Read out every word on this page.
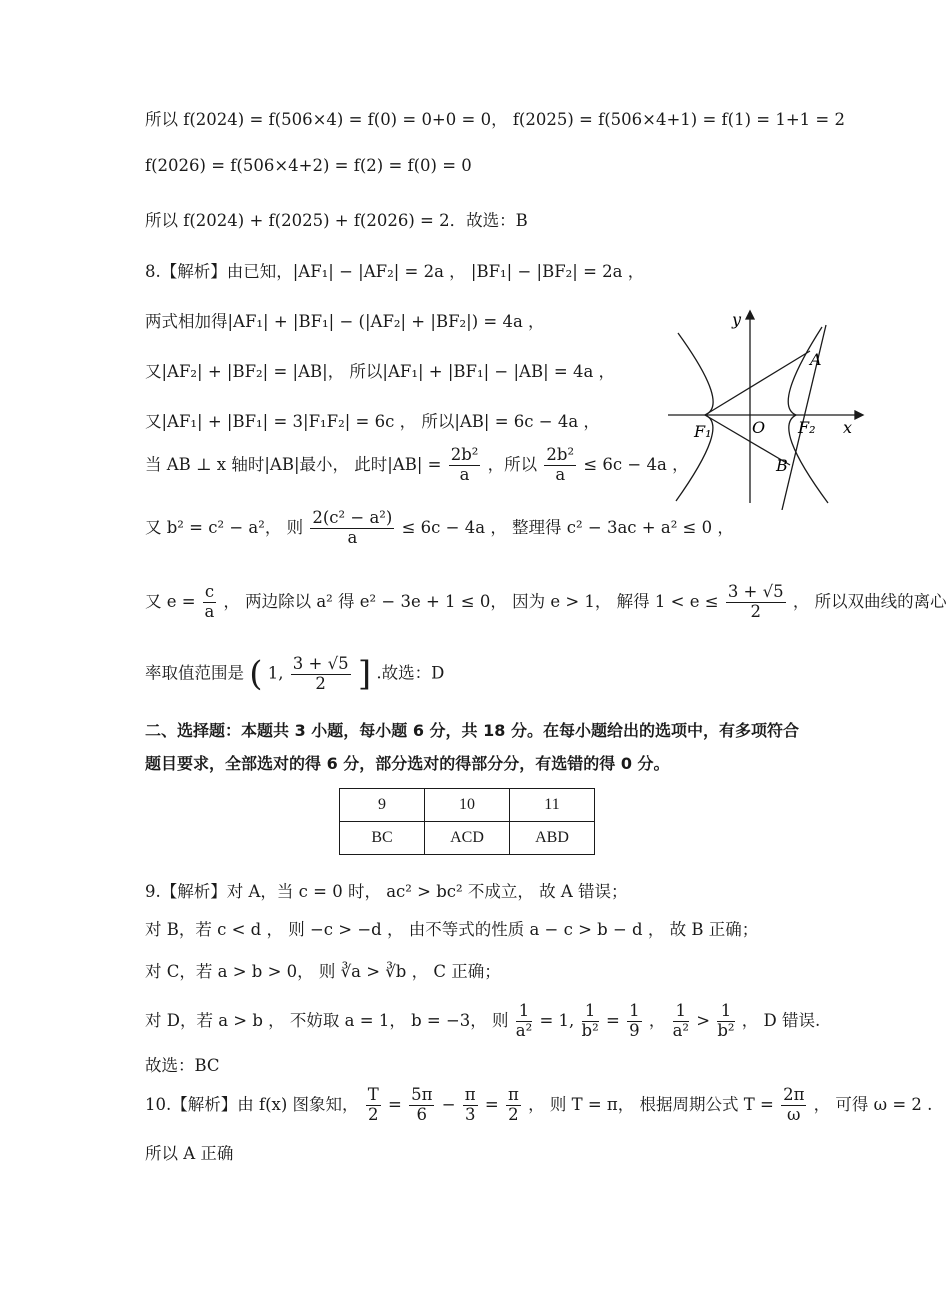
所以 f(2024) = f(506×4) = f(0) = 0+0 = 0， f(2025) = f(506×4+1) = f(1) = 1+1 = 2
f(2026) = f(506×4+2) = f(2) = f(0) = 0
所以 f(2024) + f(2025) + f(2026) = 2．故选：B
8.【解析】由已知，|AF₁| − |AF₂| = 2a ， |BF₁| − |BF₂| = 2a ，
两式相加得|AF₁| + |BF₁| − (|AF₂| + |BF₂|) = 4a ，
又|AF₂| + |BF₂| = |AB|， 所以|AF₁| + |BF₁| − |AB| = 4a ，
又|AF₁| + |BF₁| = 3|F₁F₂| = 6c ， 所以|AB| = 6c − 4a ，
当 AB ⊥ x 轴时|AB|最小， 此时$|AB| = \frac{\text{2b²}}{a}$ ，所以 $\frac{\text{2b²}}{a} \le 6c - 4a$ ，
又 b² = c² − a²， 则 $\frac{\text{2(c² − a²)}}{a} \le 6c - 4a$ ， 整理得 c² − 3ac + a² ≤ 0 ，
又 $e = \frac{c}{a}$ ， 两边除以 a² 得 e² − 3e + 1 ≤ 0， 因为 e > 1， 解得 $1 < e \le \frac{3 + √5}{2}$ ， 所以双曲线的离心
率取值范围是 ( 1, $\frac{3 + √5}{2}$ ] .故选：D
二、选择题：本题共 3 小题，每小题 6 分，共 18 分。在每小题给出的选项中，有多项符合
题目要求，全部选对的得 6 分，部分选对的得部分分，有选错的得 0 分。
9	10	11
BC	ACD	ABD
9.【解析】对 A，当 c = 0 时， ac² > bc² 不成立， 故 A 错误；
对 B，若 c < d ， 则 −c > −d ， 由不等式的性质 a − c > b − d ， 故 B 正确；
对 C，若 a > b > 0， 则 ∛a > ∛b ， C 正确；
对 D，若 a > b ， 不妨取 a = 1， b = −3， 则 $\frac{1}{\text{a²}} = 1$, $\frac{1}{\text{b²}} = \frac{1}{9}$ ， $\frac{1}{\text{a²}} > \frac{1}{\text{b²}}$ ， D 错误.
故选：BC
10.【解析】由 f(x) 图象知， $\frac{T}{2} = \frac{5\pi}{6} - \frac{\pi}{3} = \frac{\pi}{2}$ ， 则 T = π， 根据周期公式 $T = \frac{2\pi}{\omega}$ ， 可得 ω = 2 .
所以 A 正确
y
x
A
B
O
F₁	F₂
